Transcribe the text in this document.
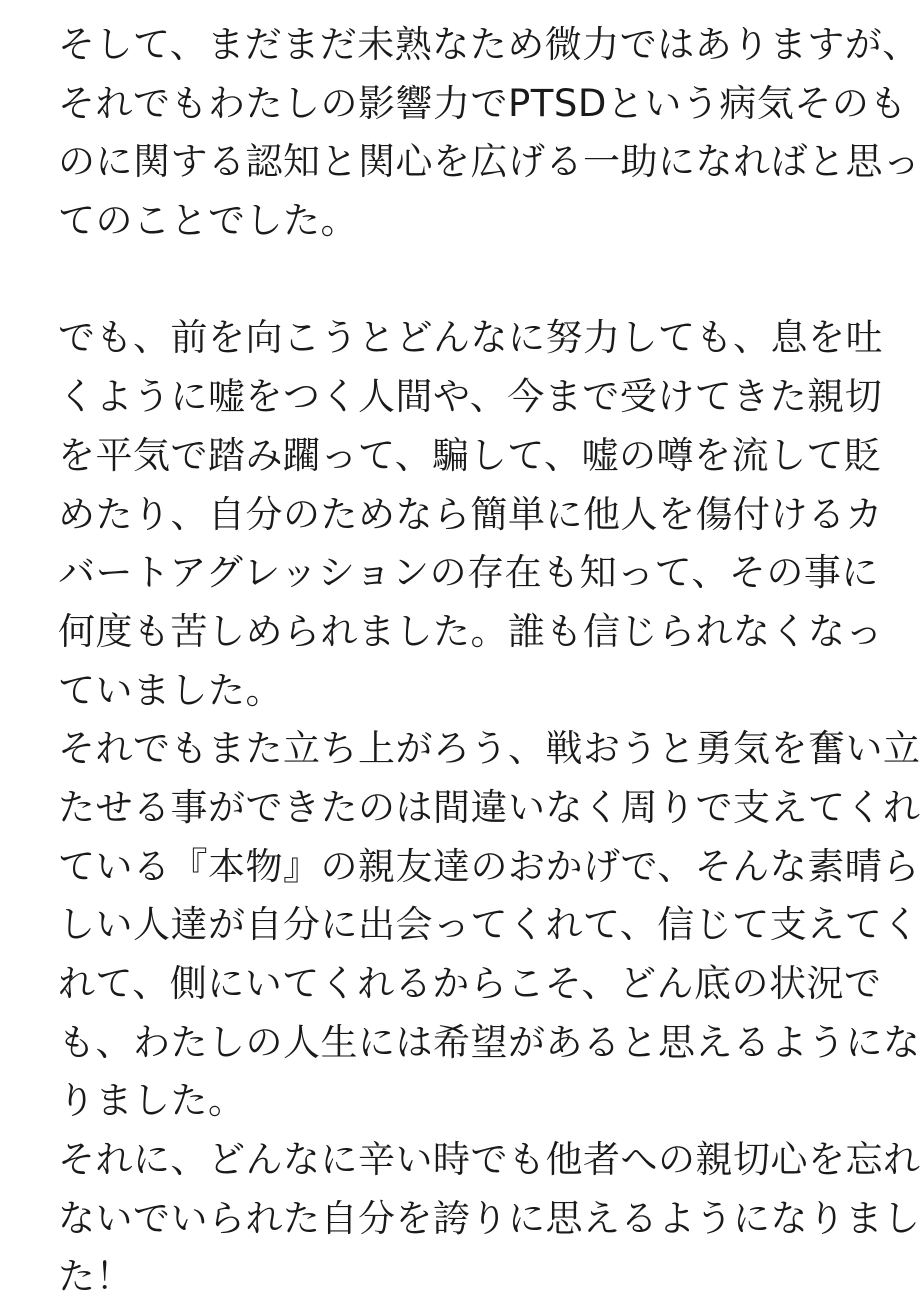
そして、まだまだ未熟なため微力ではありますが、
それでもわたしの影響力でPTSDという病気そのも
のに関する認知と関心を広げる一助になればと思っ
てのことでした。
でも、前を向こうとどんなに努力しても、息を吐
くように嘘をつく人間や、今まで受けてきた親切
を平気で踏み躙って、騙して、嘘の噂を流して貶
めたり、自分のためなら簡単に他人を傷付けるカ
バートアグレッションの存在も知って、その事に
何度も苦しめられました。誰も信じられなくなっ
ていました。
それでもまた立ち上がろう、戦おうと勇気を奮い立
たせる事ができたのは間違いなく周りで支えてくれ
ている『本物』の親友達のおかげで、そんな素晴ら
しい人達が自分に出会ってくれて、信じて支えてく
れて、側にいてくれるからこそ、どん底の状況で
も、わたしの人生には希望があると思えるようにな
りました。
それに、どんなに辛い時でも他者への親切心を忘れ
ないでいられた自分を誇りに思えるようになりまし
た！
